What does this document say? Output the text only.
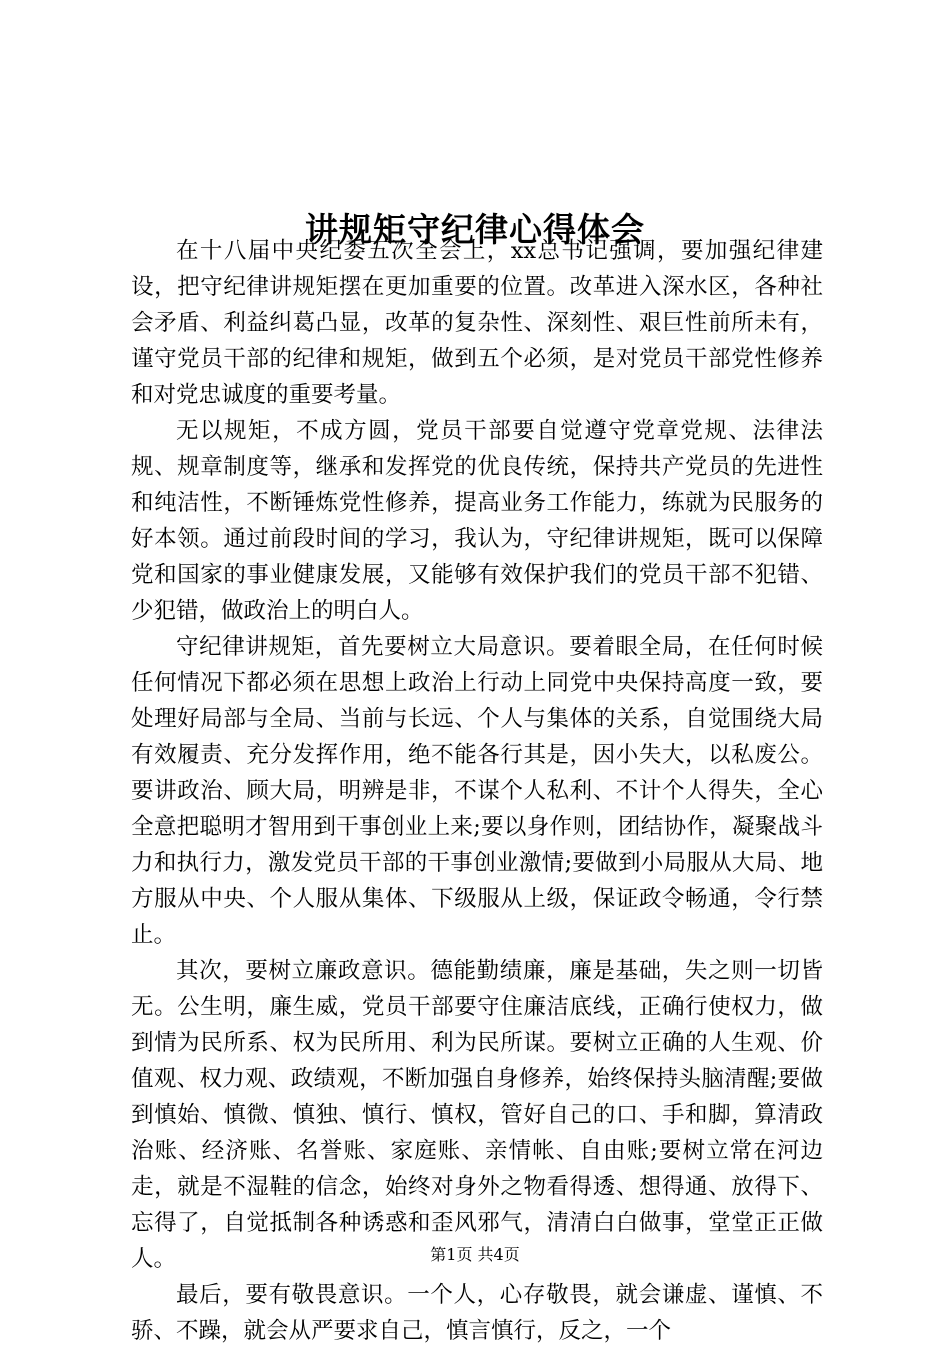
讲规矩守纪律心得体会

在十八届中央纪委五次全会上，xx总书记强调，要加强纪律建设，把守纪律讲规矩摆在更加重要的位置。改革进入深水区，各种社会矛盾、利益纠葛凸显，改革的复杂性、深刻性、艰巨性前所未有，谨守党员干部的纪律和规矩，做到五个必须，是对党员干部党性修养和对党忠诚度的重要考量。

无以规矩，不成方圆，党员干部要自觉遵守党章党规、法律法规、规章制度等，继承和发挥党的优良传统，保持共产党员的先进性和纯洁性，不断锤炼党性修养，提高业务工作能力，练就为民服务的好本领。通过前段时间的学习，我认为，守纪律讲规矩，既可以保障党和国家的事业健康发展，又能够有效保护我们的党员干部不犯错、少犯错，做政治上的明白人。

守纪律讲规矩，首先要树立大局意识。要着眼全局，在任何时候任何情况下都必须在思想上政治上行动上同党中央保持高度一致，要处理好局部与全局、当前与长远、个人与集体的关系，自觉围绕大局有效履责、充分发挥作用，绝不能各行其是，因小失大，以私废公。要讲政治、顾大局，明辨是非，不谋个人私利、不计个人得失，全心全意把聪明才智用到干事创业上来;要以身作则，团结协作，凝聚战斗力和执行力，激发党员干部的干事创业激情;要做到小局服从大局、地方服从中央、个人服从集体、下级服从上级，保证政令畅通，令行禁止。

其次，要树立廉政意识。德能勤绩廉，廉是基础，失之则一切皆无。公生明，廉生威，党员干部要守住廉洁底线，正确行使权力，做到情为民所系、权为民所用、利为民所谋。要树立正确的人生观、价值观、权力观、政绩观，不断加强自身修养，始终保持头脑清醒;要做到慎始、慎微、慎独、慎行、慎权，管好自己的口、手和脚，算清政治账、经济账、名誉账、家庭账、亲情帐、自由账;要树立常在河边走，就是不湿鞋的信念，始终对身外之物看得透、想得通、放得下、忘得了，自觉抵制各种诱惑和歪风邪气，清清白白做事，堂堂正正做人。

最后，要有敬畏意识。一个人，心存敬畏，就会谦虚、谨慎、不骄、不躁，就会从严要求自己，慎言慎行，反之，一个

第1页 共4页
